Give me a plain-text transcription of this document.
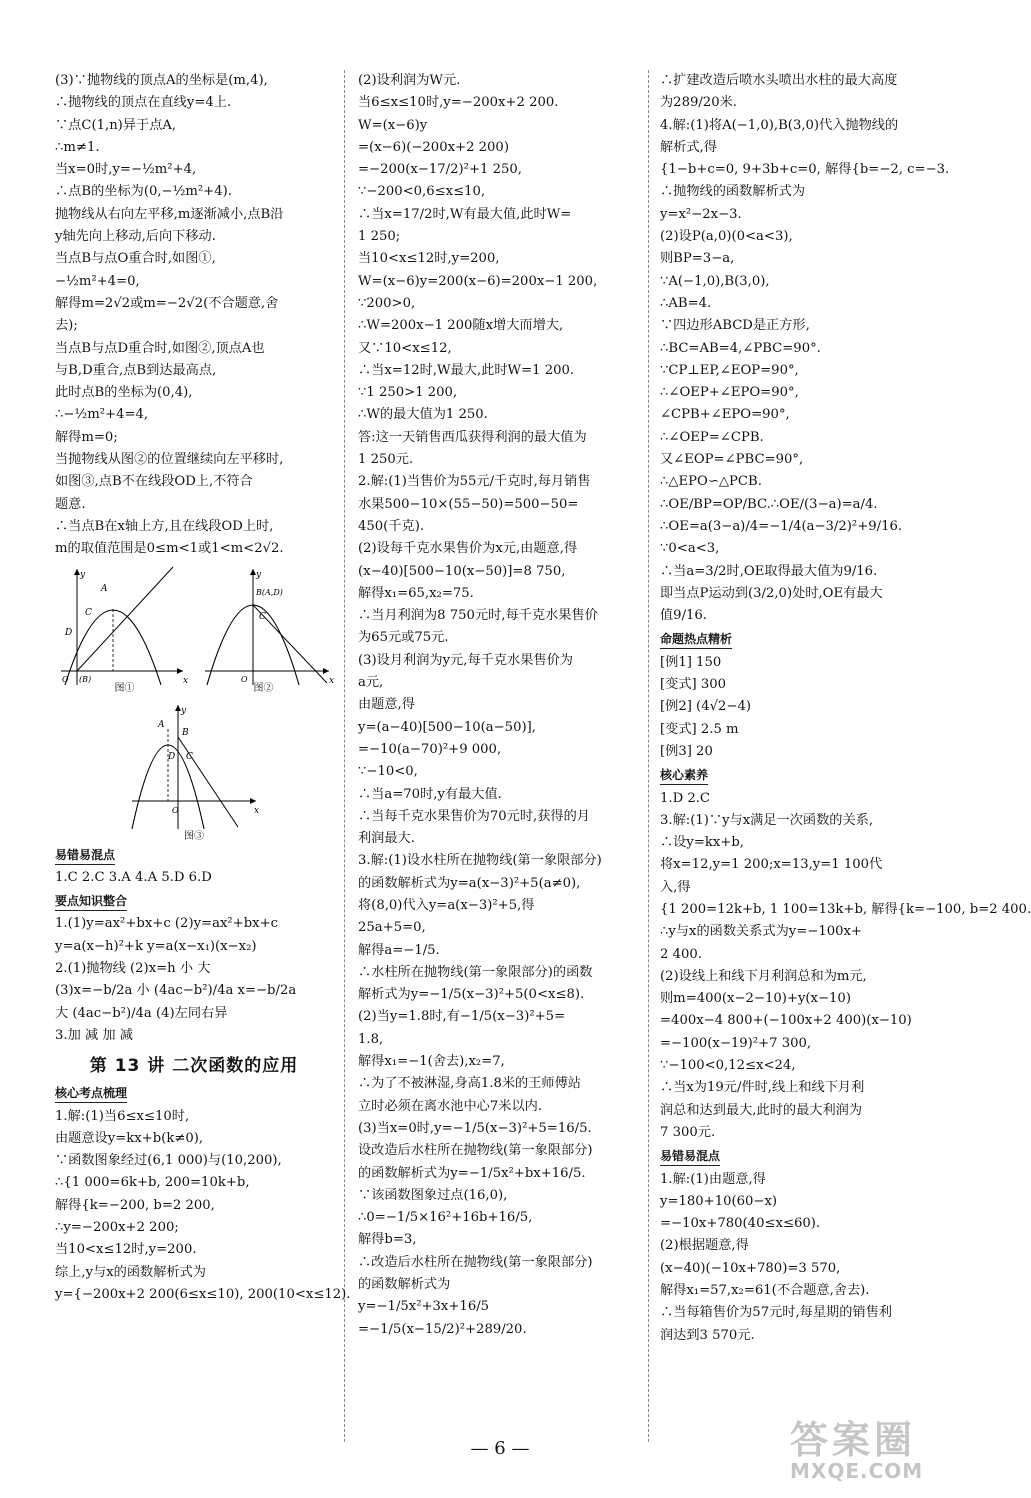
(3)∵抛物线的顶点A的坐标是(m,4),
∴抛物线的顶点在直线y=4上.
∵点C(1,n)异于点A,
∴m≠1.
当x=0时,y=−½m²+4,
∴点B的坐标为(0,−½m²+4).
抛物线从右向左平移,m逐渐减小,点B沿
y轴先向上移动,后向下移动.
当点B与点O重合时,如图①,
−½m²+4=0,
解得m=2√2或m=−2√2(不合题意,舍
去);
当点B与点D重合时,如图②,顶点A也
与B,D重合,点B到达最高点,
此时点B的坐标为(0,4),
∴−½m²+4=4,
解得m=0;
当抛物线从图②的位置继续向左平移时,
如图③,点B不在线段OD上,不符合
题意.
∴当点B在x轴上方,且在线段OD上时,
m的取值范围是0≤m<1或1<m<2√2.
x
y
A
C
D
O (B)	x
y
B(A,D)
C
O
图①	图②
x
y
A
B
C
D
O
图③
易错易混点
1.C 2.C 3.A 4.A 5.D 6.D
要点知识整合
1.(1)y=ax²+bx+c (2)y=ax²+bx+c
y=a(x−h)²+k y=a(x−x₁)(x−x₂)
2.(1)抛物线 (2)x=h 小 大
(3)x=−b/2a 小 (4ac−b²)/4a x=−b/2a
大 (4ac−b²)/4a (4)左同右异
3.加 减 加 减
第 13 讲 二次函数的应用
核心考点梳理
1.解:(1)当6≤x≤10时,
由题意设y=kx+b(k≠0),
∵函数图象经过(6,1 000)与(10,200),
∴{1 000=6k+b, 200=10k+b,
解得{k=−200, b=2 200,
∴y=−200x+2 200;
当10<x≤12时,y=200.
综上,y与x的函数解析式为
y={−200x+2 200(6≤x≤10), 200(10<x≤12).
(2)设利润为W元.
当6≤x≤10时,y=−200x+2 200.
W=(x−6)y
=(x−6)(−200x+2 200)
=−200(x−17/2)²+1 250,
∵−200<0,6≤x≤10,
∴当x=17/2时,W有最大值,此时W=
1 250;
当10<x≤12时,y=200,
W=(x−6)y=200(x−6)=200x−1 200,
∵200>0,
∴W=200x−1 200随x增大而增大,
又∵10<x≤12,
∴当x=12时,W最大,此时W=1 200.
∵1 250>1 200,
∴W的最大值为1 250.
答:这一天销售西瓜获得利润的最大值为
1 250元.
2.解:(1)当售价为55元/千克时,每月销售
水果500−10×(55−50)=500−50=
450(千克).
(2)设每千克水果售价为x元,由题意,得
(x−40)[500−10(x−50)]=8 750,
解得x₁=65,x₂=75.
∴当月利润为8 750元时,每千克水果售价
为65元或75元.
(3)设月利润为y元,每千克水果售价为
a元,
由题意,得
y=(a−40)[500−10(a−50)],
=−10(a−70)²+9 000,
∵−10<0,
∴当a=70时,y有最大值.
∴当每千克水果售价为70元时,获得的月
利润最大.
3.解:(1)设水柱所在抛物线(第一象限部分)
的函数解析式为y=a(x−3)²+5(a≠0),
将(8,0)代入y=a(x−3)²+5,得
25a+5=0,
解得a=−1/5.
∴水柱所在抛物线(第一象限部分)的函数
解析式为y=−1/5(x−3)²+5(0<x≤8).
(2)当y=1.8时,有−1/5(x−3)²+5=
1.8,
解得x₁=−1(舍去),x₂=7,
∴为了不被淋湿,身高1.8米的王师傅站
立时必须在离水池中心7米以内.
(3)当x=0时,y=−1/5(x−3)²+5=16/5.
设改造后水柱所在抛物线(第一象限部分)
的函数解析式为y=−1/5x²+bx+16/5.
∵该函数图象过点(16,0),
∴0=−1/5×16²+16b+16/5,
解得b=3,
∴改造后水柱所在抛物线(第一象限部分)
的函数解析式为
y=−1/5x²+3x+16/5
=−1/5(x−15/2)²+289/20.
∴扩建改造后喷水头喷出水柱的最大高度
为289/20米.
4.解:(1)将A(−1,0),B(3,0)代入抛物线的
解析式,得
{1−b+c=0, 9+3b+c=0, 解得{b=−2, c=−3.
∴抛物线的函数解析式为
y=x²−2x−3.
(2)设P(a,0)(0<a<3),
则BP=3−a,
∵A(−1,0),B(3,0),
∴AB=4.
∵四边形ABCD是正方形,
∴BC=AB=4,∠PBC=90°.
∵CP⊥EP,∠EOP=90°,
∴∠OEP+∠EPO=90°,
∠CPB+∠EPO=90°,
∴∠OEP=∠CPB.
又∠EOP=∠PBC=90°,
∴△EPO∽△PCB.
∴OE/BP=OP/BC.∴OE/(3−a)=a/4.
∴OE=a(3−a)/4=−1/4(a−3/2)²+9/16.
∵0<a<3,
∴当a=3/2时,OE取得最大值为9/16.
即当点P运动到(3/2,0)处时,OE有最大
值9/16.
命题热点精析
[例1] 150
[变式] 300
[例2] (4√2−4)
[变式] 2.5 m
[例3] 20
核心素养
1.D 2.C
3.解:(1)∵y与x满足一次函数的关系,
∴设y=kx+b,
将x=12,y=1 200;x=13,y=1 100代
入,得
{1 200=12k+b, 1 100=13k+b, 解得{k=−100, b=2 400.
∴y与x的函数关系式为y=−100x+
2 400.
(2)设线上和线下月利润总和为m元,
则m=400(x−2−10)+y(x−10)
=400x−4 800+(−100x+2 400)(x−10)
=−100(x−19)²+7 300,
∵−100<0,12≤x<24,
∴当x为19元/件时,线上和线下月利
润总和达到最大,此时的最大利润为
7 300元.
易错易混点
1.解:(1)由题意,得
y=180+10(60−x)
=−10x+780(40≤x≤60).
(2)根据题意,得
(x−40)(−10x+780)=3 570,
解得x₁=57,x₂=61(不合题意,舍去).
∴当每箱售价为57元时,每星期的销售利
润达到3 570元.
— 6 —	答案圈
MXQE.COM
